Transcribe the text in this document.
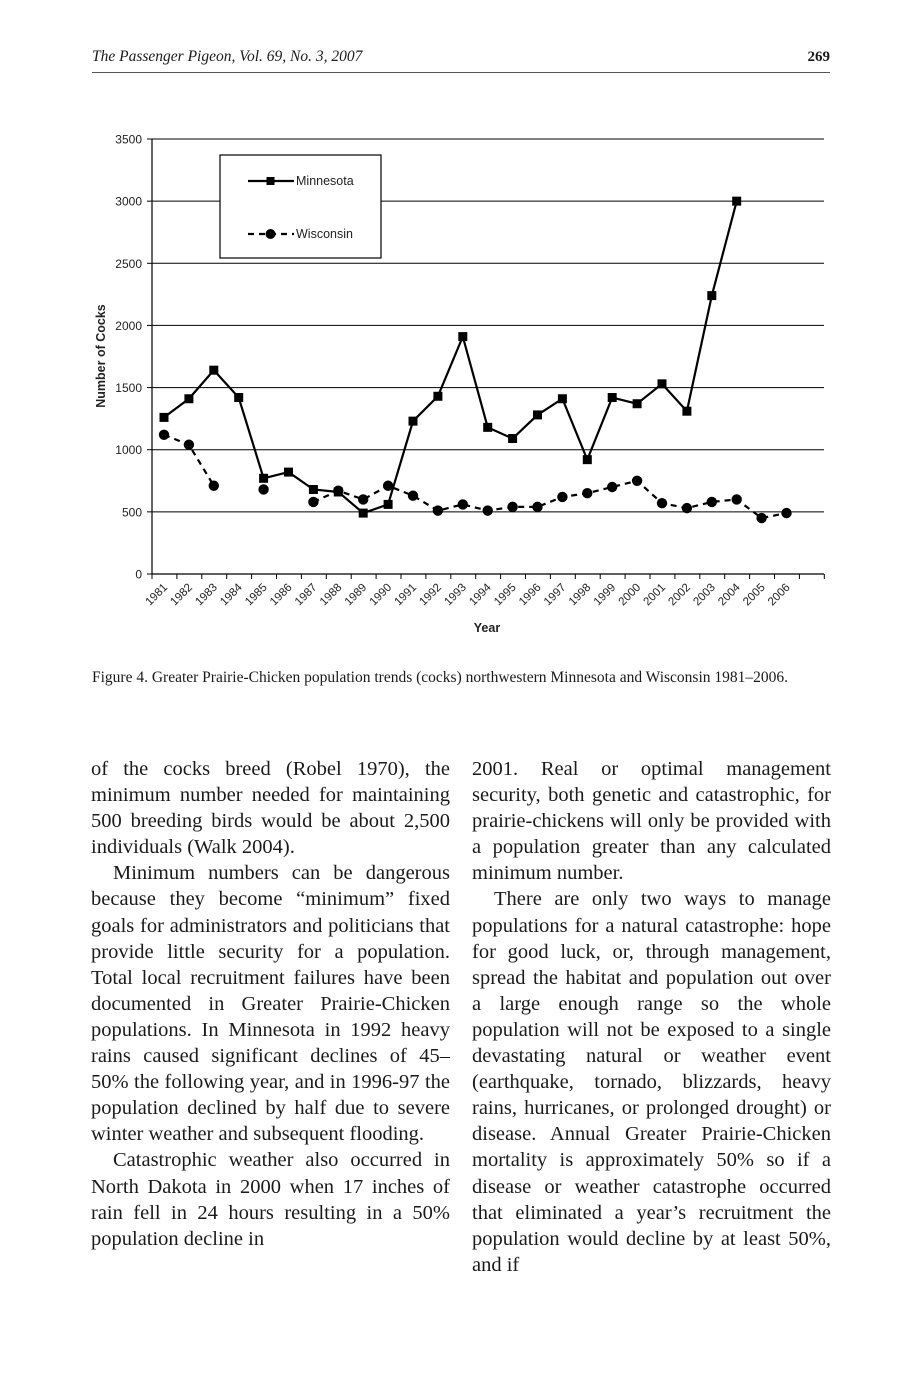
The Passenger Pigeon, Vol. 69, No. 3, 2007	269
0
500
1000
1500
2000
2500
3000
3500
1981
1982
1983
1984
1985
1986
1987
1988
1989
1990
1991
1992
1993
1994
1995
1996
1997
1998
1999
2000
2001
2002
2003
2004
2005
2006
Minnesota
Wisconsin
Number of Cocks
Year
Figure 4. Greater Prairie-Chicken population trends (cocks) northwestern Minnesota and Wisconsin 1981–2006.

of the cocks breed (Robel 1970), the minimum number needed for maintaining 500 breeding birds would be about 2,500 individuals (Walk 2004).

Minimum numbers can be dangerous because they become “minimum” fixed goals for administrators and politicians that provide little security for a population. Total local recruitment failures have been documented in Greater Prairie-Chicken populations. In Minnesota in 1992 heavy rains caused significant declines of 45–50% the following year, and in 1996-97 the population declined by half due to severe winter weather and subsequent flooding.

Catastrophic weather also occurred in North Dakota in 2000 when 17 inches of rain fell in 24 hours resulting in a 50% population decline in

2001. Real or optimal management security, both genetic and catastrophic, for prairie-chickens will only be provided with a population greater than any calculated minimum number.

There are only two ways to manage populations for a natural catastrophe: hope for good luck, or, through management, spread the habitat and population out over a large enough range so the whole population will not be exposed to a single devastating natural or weather event (earthquake, tornado, blizzards, heavy rains, hurricanes, or prolonged drought) or disease. Annual Greater Prairie-Chicken mortality is approximately 50% so if a disease or weather catastrophe occurred that eliminated a year’s recruitment the population would decline by at least 50%, and if
